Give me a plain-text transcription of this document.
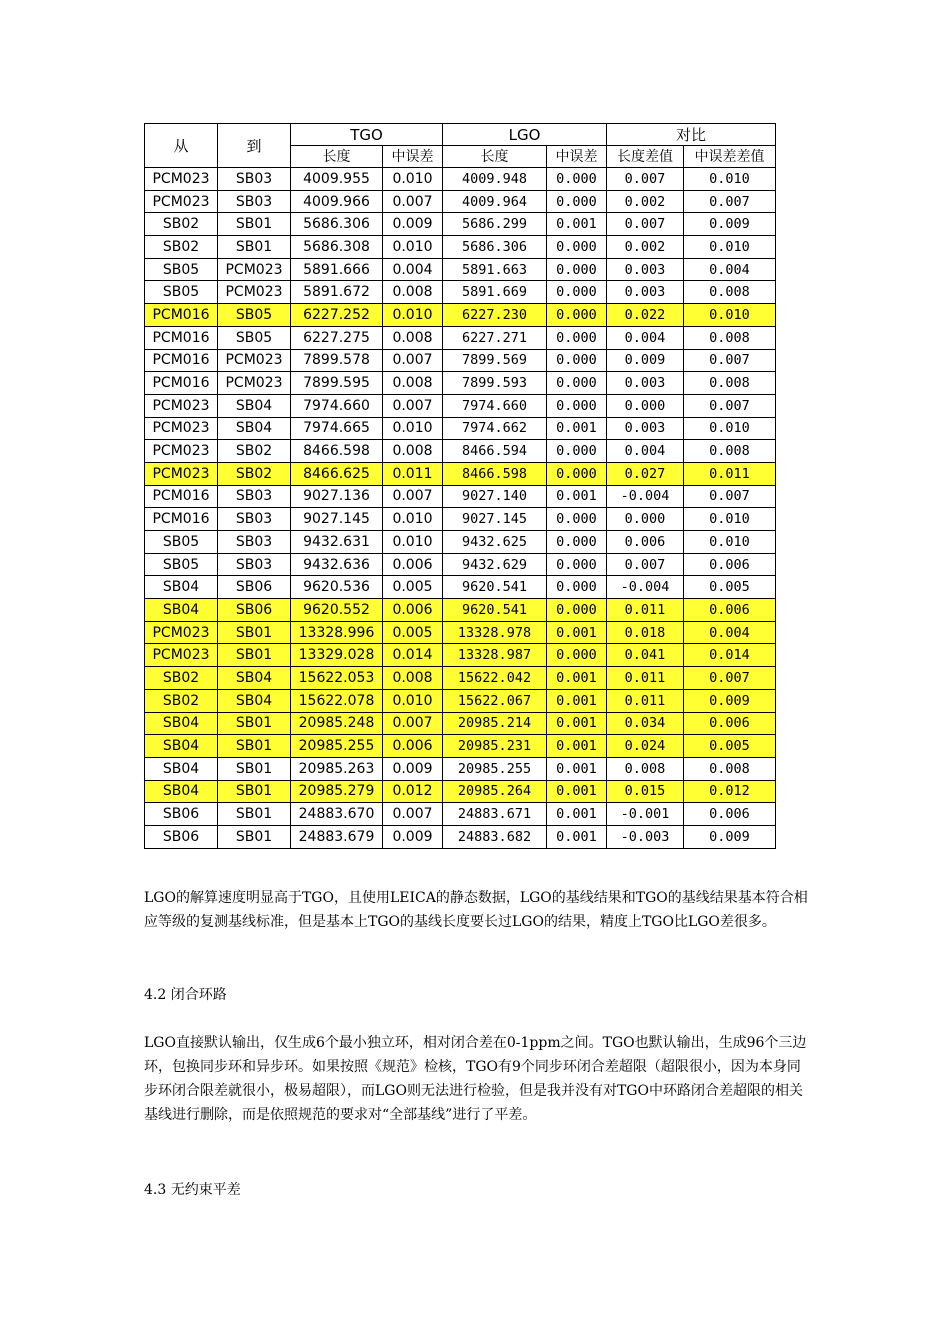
从	到	TGO		LGO		对比	
		长度	中误差	长度	中误差	长度差值	中误差差值
PCM023	SB03	4009.955	0.010	4009.948	0.000	0.007	0.010
PCM023	SB03	4009.966	0.007	4009.964	0.000	0.002	0.007
SB02	SB01	5686.306	0.009	5686.299	0.001	0.007	0.009
SB02	SB01	5686.308	0.010	5686.306	0.000	0.002	0.010
SB05	PCM023	5891.666	0.004	5891.663	0.000	0.003	0.004
SB05	PCM023	5891.672	0.008	5891.669	0.000	0.003	0.008
PCM016	SB05	6227.252	0.010	6227.230	0.000	0.022	0.010
PCM016	SB05	6227.275	0.008	6227.271	0.000	0.004	0.008
PCM016	PCM023	7899.578	0.007	7899.569	0.000	0.009	0.007
PCM016	PCM023	7899.595	0.008	7899.593	0.000	0.003	0.008
PCM023	SB04	7974.660	0.007	7974.660	0.000	0.000	0.007
PCM023	SB04	7974.665	0.010	7974.662	0.001	0.003	0.010
PCM023	SB02	8466.598	0.008	8466.594	0.000	0.004	0.008
PCM023	SB02	8466.625	0.011	8466.598	0.000	0.027	0.011
PCM016	SB03	9027.136	0.007	9027.140	0.001	-0.004	0.007
PCM016	SB03	9027.145	0.010	9027.145	0.000	0.000	0.010
SB05	SB03	9432.631	0.010	9432.625	0.000	0.006	0.010
SB05	SB03	9432.636	0.006	9432.629	0.000	0.007	0.006
SB04	SB06	9620.536	0.005	9620.541	0.000	-0.004	0.005
SB04	SB06	9620.552	0.006	9620.541	0.000	0.011	0.006
PCM023	SB01	13328.996	0.005	13328.978	0.001	0.018	0.004
PCM023	SB01	13329.028	0.014	13328.987	0.000	0.041	0.014
SB02	SB04	15622.053	0.008	15622.042	0.001	0.011	0.007
SB02	SB04	15622.078	0.010	15622.067	0.001	0.011	0.009
SB04	SB01	20985.248	0.007	20985.214	0.001	0.034	0.006
SB04	SB01	20985.255	0.006	20985.231	0.001	0.024	0.005
SB04	SB01	20985.263	0.009	20985.255	0.001	0.008	0.008
SB04	SB01	20985.279	0.012	20985.264	0.001	0.015	0.012
SB06	SB01	24883.670	0.007	24883.671	0.001	-0.001	0.006
SB06	SB01	24883.679	0.009	24883.682	0.001	-0.003	0.009

LGO的解算速度明显高于TGO，且使用LEICA的静态数据，LGO的基线结果和TGO的基线结果基本符合相应等级的复测基线标准，但是基本上TGO的基线长度要长过LGO的结果，精度上TGO比LGO差很多。

4.2 闭合环路

LGO直接默认输出，仅生成6个最小独立环，相对闭合差在0-1ppm之间。TGO也默认输出，生成96个三边环，包换同步环和异步环。如果按照《规范》检核，TGO有9个同步环闭合差超限（超限很小，因为本身同步环闭合限差就很小，极易超限），而LGO则无法进行检验，但是我并没有对TGO中环路闭合差超限的相关基线进行删除，而是依照规范的要求对“全部基线”进行了平差。

4.3 无约束平差
